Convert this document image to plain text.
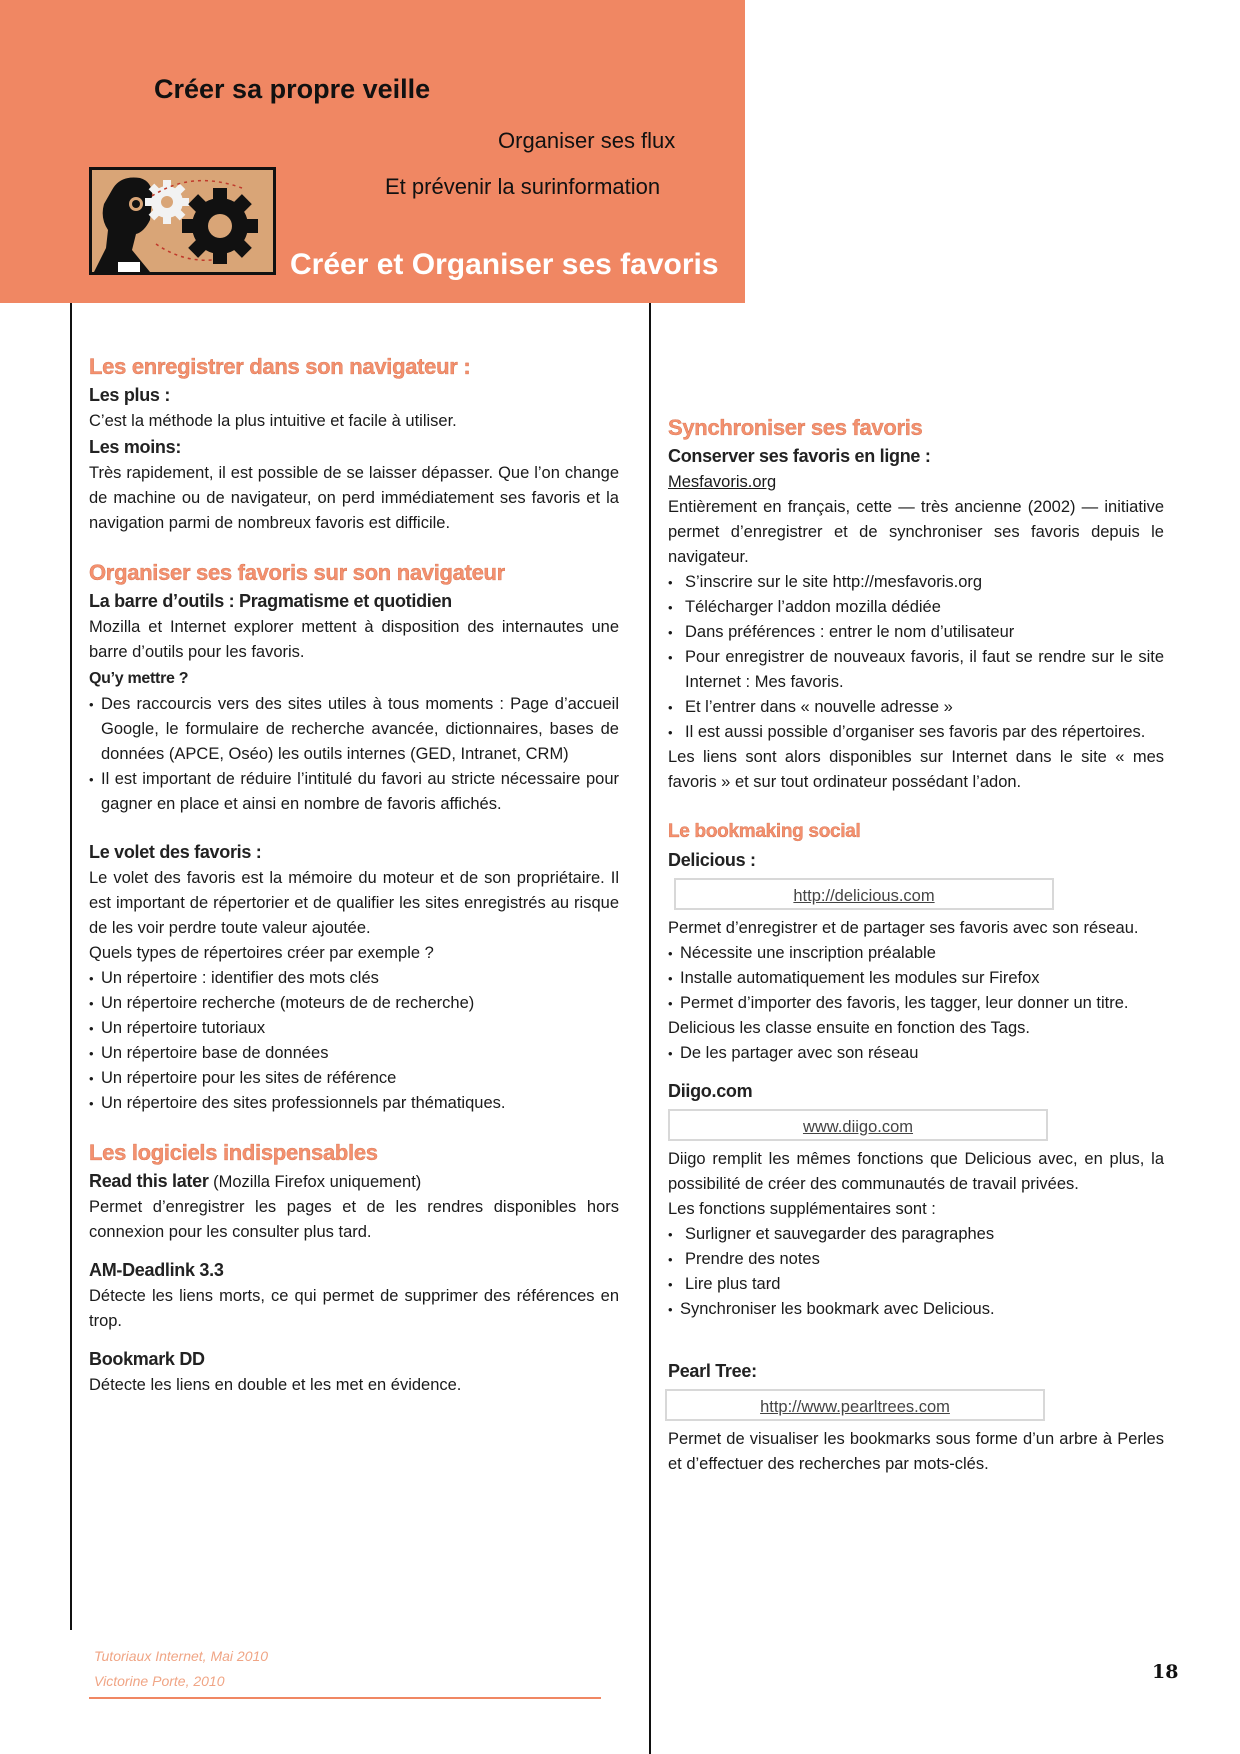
Créer sa propre veille
Organiser ses flux
Et prévenir la surinformation
Créer et Organiser ses favoris
Les enregistrer dans son navigateur :
Les plus :

C’est la méthode la plus intuitive et facile à utiliser.

Les moins:

Très rapidement, il est possible de se laisser dépasser. Que l’on change de machine ou de navigateur, on perd immédiatement ses favoris et la navigation parmi de nombreux favoris est difficile.

Organiser ses favoris sur son navigateur
La barre d’outils : Pragmatisme et quotidien

Mozilla et Internet explorer mettent à disposition des internautes une barre d’outils pour les favoris.

Qu’y mettre ?
• Des raccourcis vers des sites utiles à tous moments : Page d’accueil Google, le formulaire de recherche avancée, dictionnaires, bases de données (APCE, Oséo) les outils internes (GED, Intranet, CRM)
• Il est important de réduire l’intitulé du favori au stricte nécessaire pour gagner en place et ainsi en nombre de favoris affichés.
Le volet des favoris :

Le volet des favoris est la mémoire du moteur et de son propriétaire. Il est important de répertorier et de qualifier les sites enregistrés au risque de les voir perdre toute valeur ajoutée.

Quels types de répertoires créer par exemple ?

• Un répertoire : identifier des mots clés
• Un répertoire recherche (moteurs de de recherche)
• Un répertoire tutoriaux
• Un répertoire base de données
• Un répertoire pour les sites de référence
• Un répertoire des sites professionnels par thématiques.
Les logiciels indispensables
Read this later (Mozilla Firefox uniquement)

Permet d’enregistrer les pages et de les rendres disponibles hors connexion pour les consulter plus tard.

AM-Deadlink 3.3

Détecte les liens morts, ce qui permet de supprimer des références en trop.

Bookmark DD

Détecte les liens en double et les met en évidence.

Synchroniser ses favoris
Conserver ses favoris en ligne :

Mesfavoris.org

Entièrement en français, cette — très ancienne (2002) — initiative permet d’enregistrer et de synchroniser ses favoris depuis le navigateur.

• S’inscrire sur le site http://mesfavoris.org
• Télécharger l’addon mozilla dédiée
• Dans préférences : entrer le nom d’utilisateur
• Pour enregistrer de nouveaux favoris, il faut se rendre sur le site Internet : Mes favoris.
• Et l’entrer dans « nouvelle adresse »
• Il est aussi possible d’organiser ses favoris par des répertoires.

Les liens sont alors disponibles sur Internet dans le site « mes favoris » et sur tout ordinateur possédant l’adon.

Le bookmaking social
Delicious :
http://delicious.com

Permet d’enregistrer et de partager ses favoris avec son réseau.

• Nécessite une inscription préalable
• Installe automatiquement les modules sur Firefox
• Permet d’importer des favoris, les tagger, leur donner un titre.

Delicious les classe ensuite en fonction des Tags.

• De les partager avec son réseau
Diigo.com
www.diigo.com

Diigo remplit les mêmes fonctions que Delicious avec, en plus, la possibilité de créer des communautés de travail privées.

Les fonctions supplémentaires sont :

• Surligner et sauvegarder des paragraphes
• Prendre des notes
• Lire plus tard
• Synchroniser les bookmark avec Delicious.
Pearl Tree:
http://www.pearltrees.com

Permet de visualiser les bookmarks sous forme d’un arbre à Perles et d’effectuer des recherches par mots-clés.

Tutoriaux Internet, Mai 2010
Victorine Porte, 2010	18
